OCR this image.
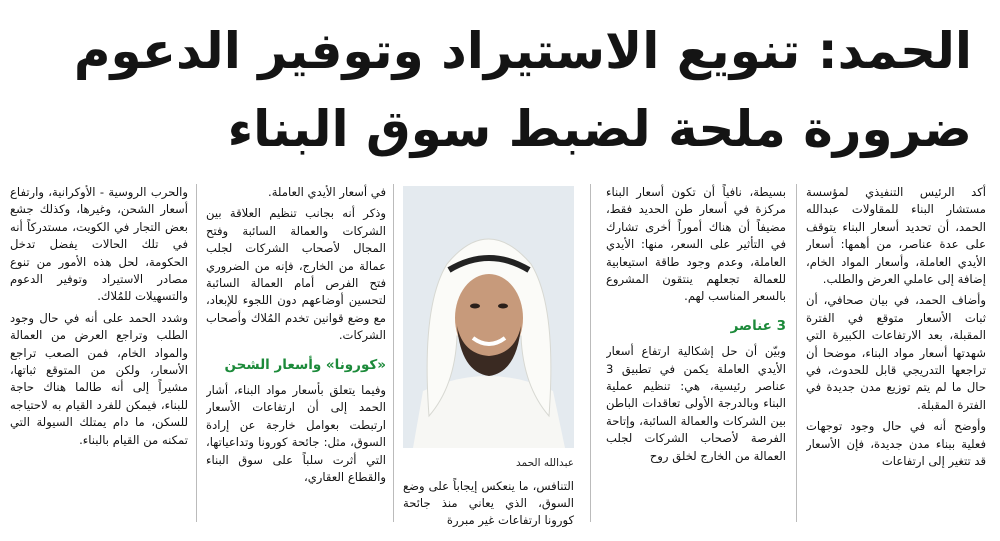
الحمد: تنويع الاستيراد وتوفير الدعوم
ضرورة ملحة لضبط سوق البناء

أكد الرئيس التنفيذي لمؤسسة مستشار البناء للمقاولات عبدالله الحمد، أن تحديد أسعار البناء يتوقف على عدة عناصر، من أهمها: أسعار الأيدي العاملة، وأسعار المواد الخام، إضافة إلى عاملي العرض والطلب.

وأضاف الحمد، في بيان صحافي، أن ثبات الأسعار متوقع في الفترة المقبلة، بعد الارتفاعات الكبيرة التي شهدتها أسعار مواد البناء، موضحا أن تراجعها التدريجي قابل للحدوث، في حال ما لم يتم توزيع مدن جديدة في الفترة المقبلة.

وأوضح أنه في حال وجود توجهات فعلية ببناء مدن جديدة، فإن الأسعار قد تتغير إلى ارتفاعات

بسيطة، نافياً أن تكون أسعار البناء مركزة في أسعار طن الحديد فقط، مضيفاً أن هناك أموراً أخرى تشارك في التأثير على السعر، منها: الأيدي العاملة، وعدم وجود طاقة استيعابية للعمالة تجعلهم ينتقون المشروع بالسعر المناسب لهم.

3 عناصر

وبيّن أن حل إشكالية ارتفاع أسعار الأيدي العاملة يكمن في تطبيق 3 عناصر رئيسية، هي: تنظيم عملية البناء وبالدرجة الأولى تعاقدات الباطن بين الشركات والعمالة السائبة، وإتاحة الفرصة لأصحاب الشركات لجلب العمالة من الخارج لخلق روح

عبدالله الحمد

التنافس، ما ينعكس إيجاباً على وضع السوق، الذي يعاني منذ جائحة كورونا ارتفاعات غير مبررة

في أسعار الأيدي العاملة.

وذكر أنه بجانب تنظيم العلاقة بين الشركات والعمالة السائبة وفتح المجال لأصحاب الشركات لجلب عمالة من الخارج، فإنه من الضروري فتح الفرص أمام العمالة السائبة لتحسين أوضاعهم دون اللجوء للإبعاد، مع وضع قوانين تخدم المُلاك وأصحاب الشركات.

«كورونا» وأسعار الشحن

وفيما يتعلق بأسعار مواد البناء، أشار الحمد إلى أن ارتفاعات الأسعار ارتبطت بعوامل خارجة عن إرادة السوق، مثل: جائحة كورونا وتداعياتها، التي أثرت سلباً على سوق البناء والقطاع العقاري،

والحرب الروسية - الأوكرانية، وارتفاع أسعار الشحن، وغيرها، وكذلك جشع بعض التجار في الكويت، مستدركاً أنه في تلك الحالات يفضل تدخل الحكومة، لحل هذه الأمور من تنوع مصادر الاستيراد وتوفير الدعوم والتسهيلات للمُلاك.

وشدد الحمد على أنه في حال وجود الطلب وتراجع العرض من العمالة والمواد الخام، فمن الصعب تراجع الأسعار، ولكن من المتوقع ثباتها، مشيراً إلى أنه طالما هناك حاجة للبناء، فيمكن للفرد القيام به لاحتياجه للسكن، ما دام يمتلك السيولة التي تمكنه من القيام بالبناء.
